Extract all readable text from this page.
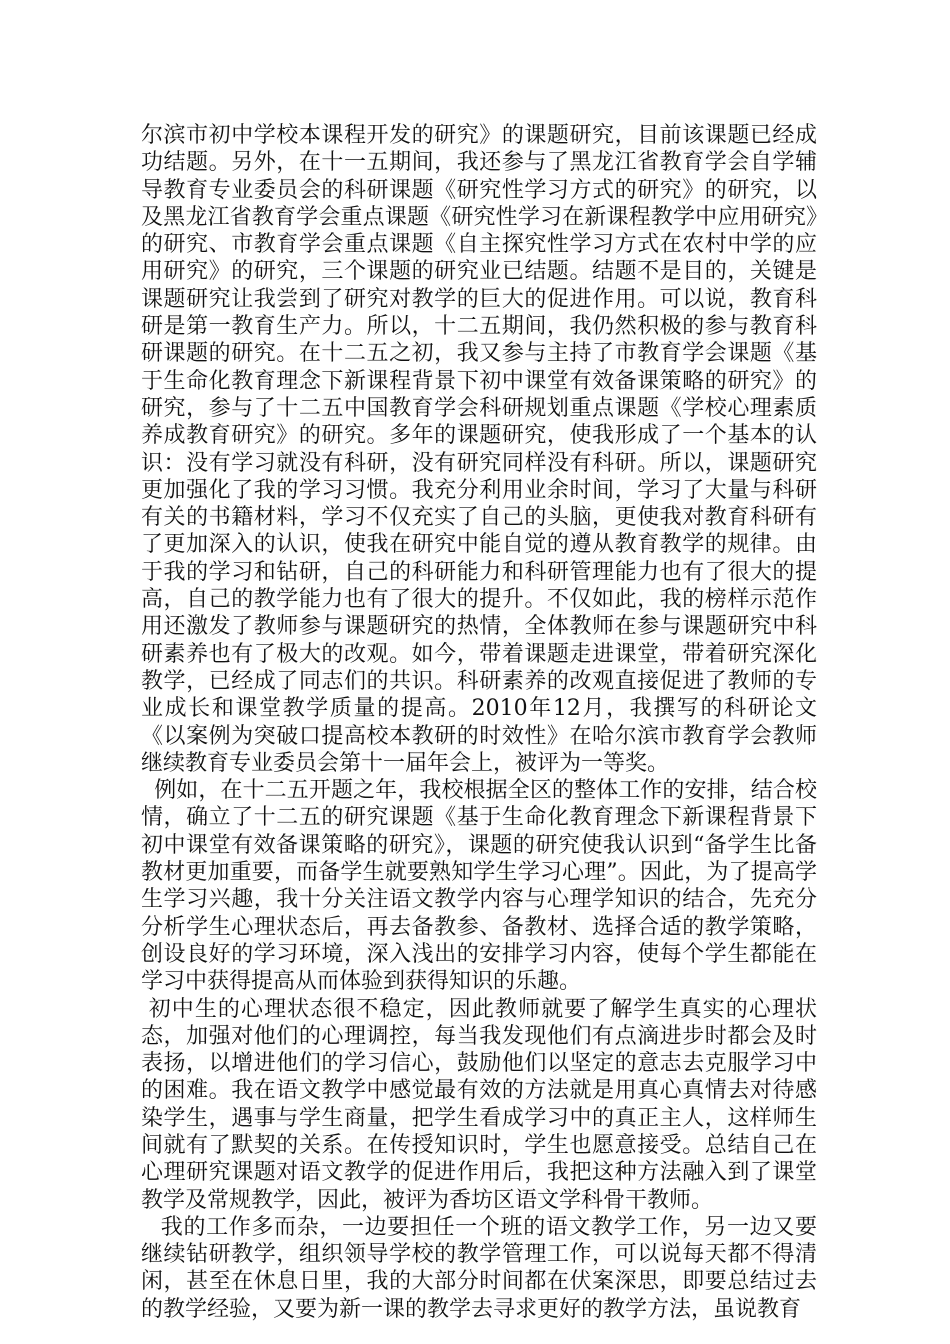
尔滨市初中学校本课程开发的研究》的课题研究，目前该课题已经成功结题。另外，在十一五期间，我还参与了黑龙江省教育学会自学辅导教育专业委员会的科研课题《研究性学习方式的研究》的研究，以及黑龙江省教育学会重点课题《研究性学习在新课程教学中应用研究》的研究、市教育学会重点课题《自主探究性学习方式在农村中学的应用研究》的研究，三个课题的研究业已结题。结题不是目的，关键是课题研究让我尝到了研究对教学的巨大的促进作用。可以说，教育科研是第一教育生产力。所以，十二五期间，我仍然积极的参与教育科研课题的研究。在十二五之初，我又参与主持了市教育学会课题《基于生命化教育理念下新课程背景下初中课堂有效备课策略的研究》的研究，参与了十二五中国教育学会科研规划重点课题《学校心理素质养成教育研究》的研究。多年的课题研究，使我形成了一个基本的认识：没有学习就没有科研，没有研究同样没有科研。所以，课题研究更加强化了我的学习习惯。我充分利用业余时间，学习了大量与科研有关的书籍材料，学习不仅充实了自己的头脑，更使我对教育科研有了更加深入的认识，使我在研究中能自觉的遵从教育教学的规律。由于我的学习和钻研，自己的科研能力和科研管理能力也有了很大的提高，自己的教学能力也有了很大的提升。不仅如此，我的榜样示范作用还激发了教师参与课题研究的热情，全体教师在参与课题研究中科研素养也有了极大的改观。如今，带着课题走进课堂，带着研究深化教学，已经成了同志们的共识。科研素养的改观直接促进了教师的专业成长和课堂教学质量的提高。2010年12月，我撰写的科研论文《以案例为突破口提高校本教研的时效性》在哈尔滨市教育学会教师继续教育专业委员会第十一届年会上，被评为一等奖。

例如，在十二五开题之年，我校根据全区的整体工作的安排，结合校情，确立了十二五的研究课题《基于生命化教育理念下新课程背景下初中课堂有效备课策略的研究》，课题的研究使我认识到“备学生比备教材更加重要，而备学生就要熟知学生学习心理”。因此，为了提高学生学习兴趣，我十分关注语文教学内容与心理学知识的结合，先充分分析学生心理状态后，再去备教参、备教材、选择合适的教学策略，创设良好的学习环境，深入浅出的安排学习内容，使每个学生都能在学习中获得提高从而体验到获得知识的乐趣。

初中生的心理状态很不稳定，因此教师就要了解学生真实的心理状态，加强对他们的心理调控，每当我发现他们有点滴进步时都会及时表扬，以增进他们的学习信心，鼓励他们以坚定的意志去克服学习中的困难。我在语文教学中感觉最有效的方法就是用真心真情去对待感染学生，遇事与学生商量，把学生看成学习中的真正主人，这样师生间就有了默契的关系。在传授知识时，学生也愿意接受。总结自己在心理研究课题对语文教学的促进作用后，我把这种方法融入到了课堂教学及常规教学，因此，被评为香坊区语文学科骨干教师。

我的工作多而杂，一边要担任一个班的语文教学工作，另一边又要继续钻研教学，组织领导学校的教学管理工作，可以说每天都不得清闲，甚至在休息日里，我的大部分时间都在伏案深思，即要总结过去的教学经验，又要为新一课的教学去寻求更好的教学方法，虽说教育
